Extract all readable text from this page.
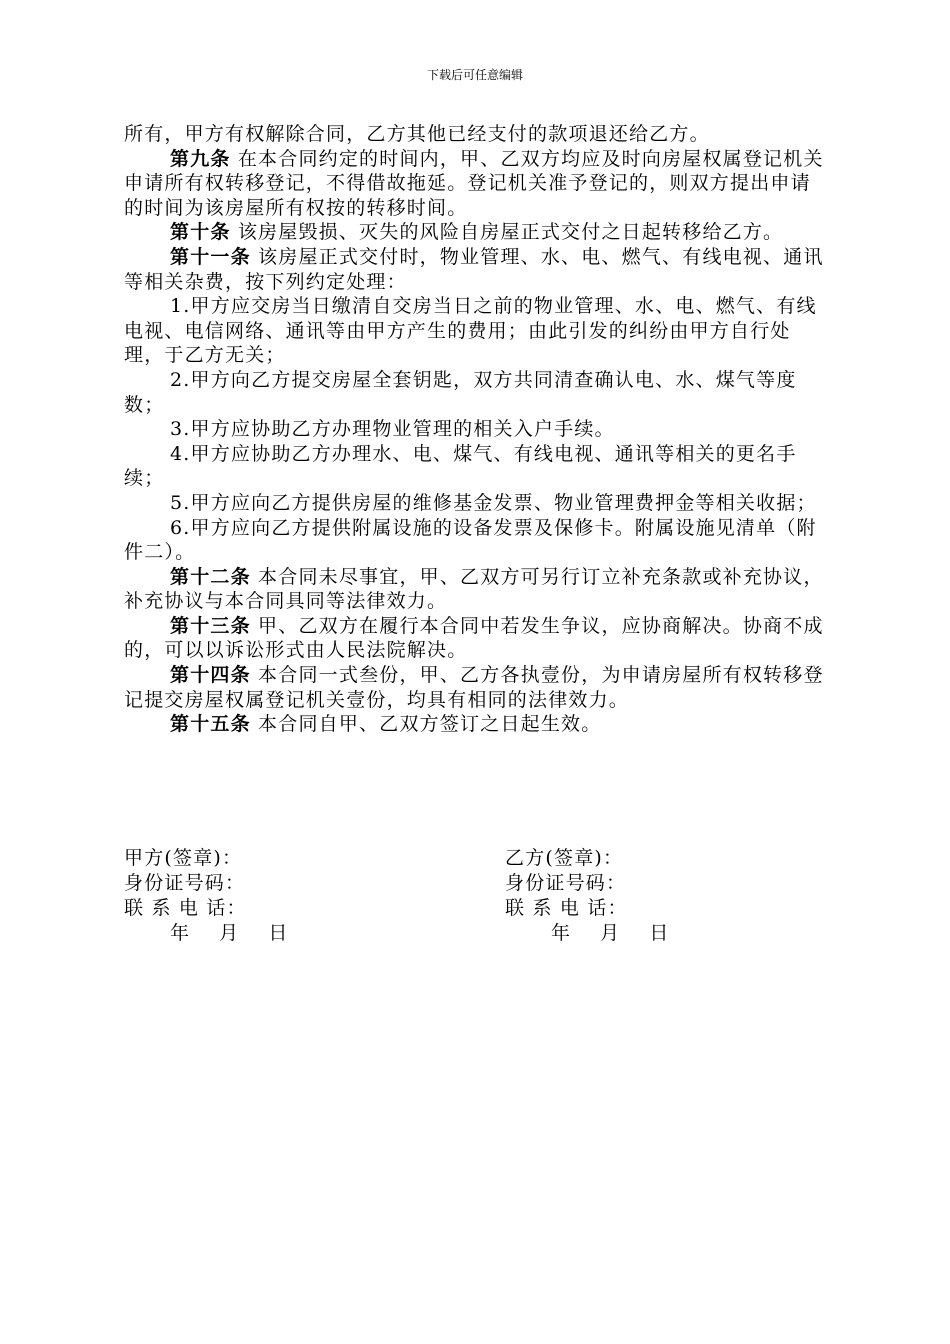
下载后可任意编辑

所有，甲方有权解除合同，乙方其他已经支付的款项退还给乙方。

第九条 在本合同约定的时间内，甲、乙双方均应及时向房屋权属登记机关申请所有权转移登记，不得借故拖延。登记机关准予登记的，则双方提出申请的时间为该房屋所有权按的转移时间。

第十条 该房屋毁损、灭失的风险自房屋正式交付之日起转移给乙方。

第十一条 该房屋正式交付时，物业管理、水、电、燃气、有线电视、通讯等相关杂费，按下列约定处理：

1.甲方应交房当日缴清自交房当日之前的物业管理、水、电、燃气、有线电视、电信网络、通讯等由甲方产生的费用；由此引发的纠纷由甲方自行处理，于乙方无关；

2.甲方向乙方提交房屋全套钥匙，双方共同清查确认电、水、煤气等度数；

3.甲方应协助乙方办理物业管理的相关入户手续。

4.甲方应协助乙方办理水、电、煤气、有线电视、通讯等相关的更名手续；

5.甲方应向乙方提供房屋的维修基金发票、物业管理费押金等相关收据；

6.甲方应向乙方提供附属设施的设备发票及保修卡。附属设施见清单（附件二）。

第十二条 本合同未尽事宜，甲、乙双方可另行订立补充条款或补充协议，补充协议与本合同具同等法律效力。

第十三条 甲、乙双方在履行本合同中若发生争议，应协商解决。协商不成的，可以以诉讼形式由人民法院解决。

第十四条 本合同一式叁份，甲、乙方各执壹份，为申请房屋所有权转移登记提交房屋权属登记机关壹份，均具有相同的法律效力。

第十五条 本合同自甲、乙双方签订之日起生效。

甲方(签章)：

身份证号码：

联 系 电 话：

年    月    日

乙方(签章)：

身份证号码：

联 系 电 话：

年    月    日
